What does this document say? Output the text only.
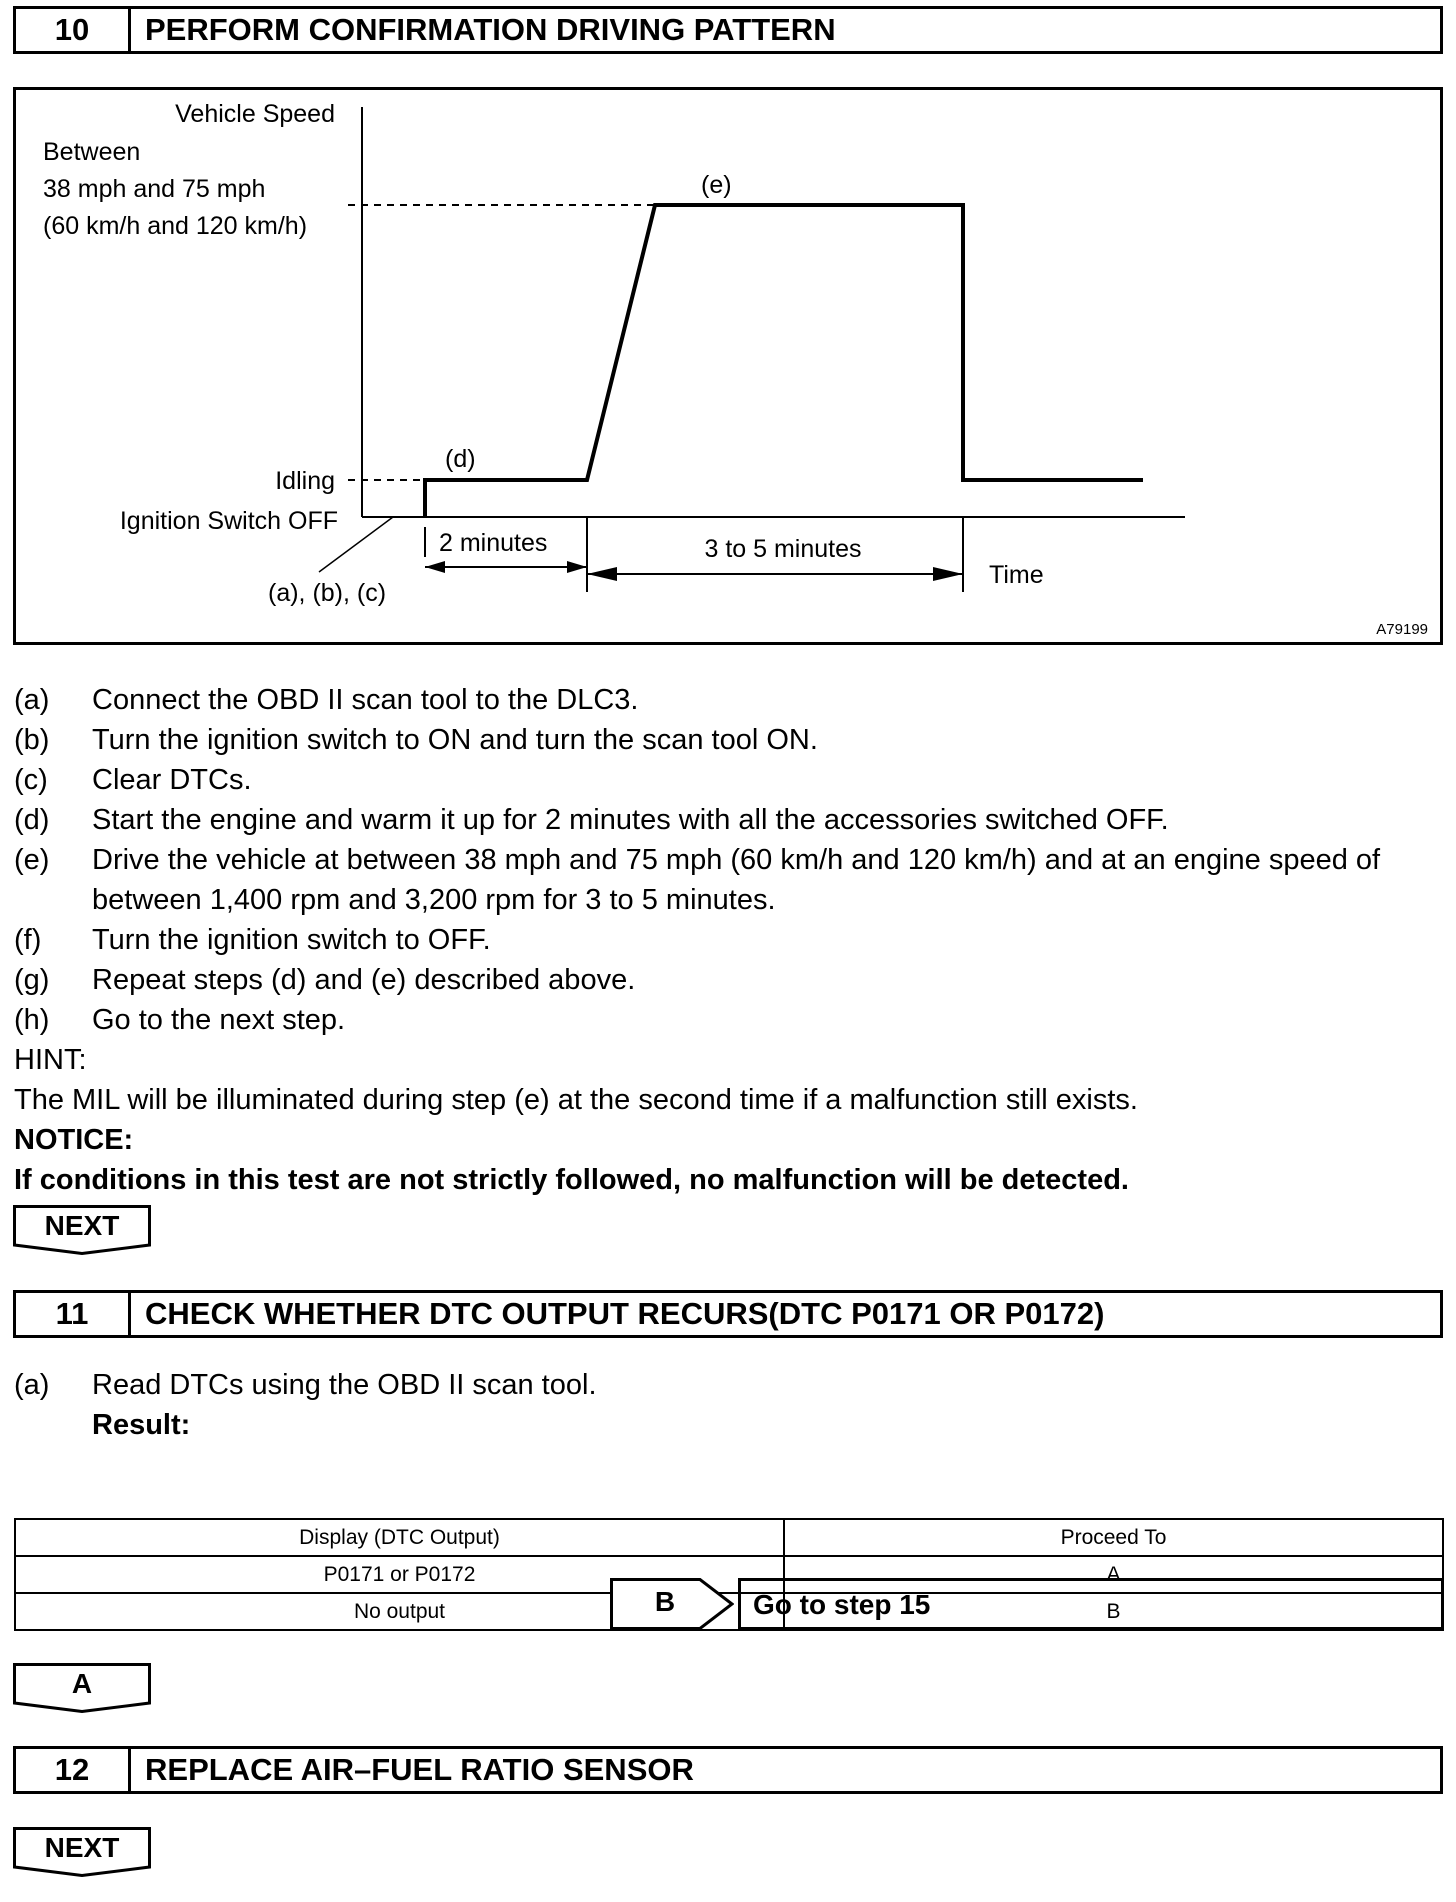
10	PERFORM CONFIRMATION DRIVING PATTERN
Vehicle Speed
Between
38 mph and 75 mph
(60 km/h and 120 km/h)
Idling
Ignition Switch OFF
(e)
(d)
(a), (b), (c)
2 minutes	3 to 5 minutes
Time
A79199
(a) Connect the OBD II scan tool to the DLC3.
(b) Turn the ignition switch to ON and turn the scan tool ON.
(c) Clear DTCs.
(d) Start the engine and warm it up for 2 minutes with all the accessories switched OFF.
(e) Drive the vehicle at between 38 mph and 75 mph (60 km/h and 120 km/h) and at an engine speed of between 1,400 rpm and 3,200 rpm for 3 to 5 minutes.
(f) Turn the ignition switch to OFF.
(g) Repeat steps (d) and (e) described above.
(h) Go to the next step.
HINT:
The MIL will be illuminated during step (e) at the second time if a malfunction still exists.
NOTICE:
If conditions in this test are not strictly followed, no malfunction will be detected.
NEXT
11	CHECK WHETHER DTC OUTPUT RECURS(DTC P0171 OR P0172)
(a) Read DTCs using the OBD II scan tool.
Result:
Display (DTC Output)	Proceed To
P0171 or P0172	A
No output	B
B	Go to step 15
A
12	REPLACE AIR–FUEL RATIO SENSOR
NEXT
